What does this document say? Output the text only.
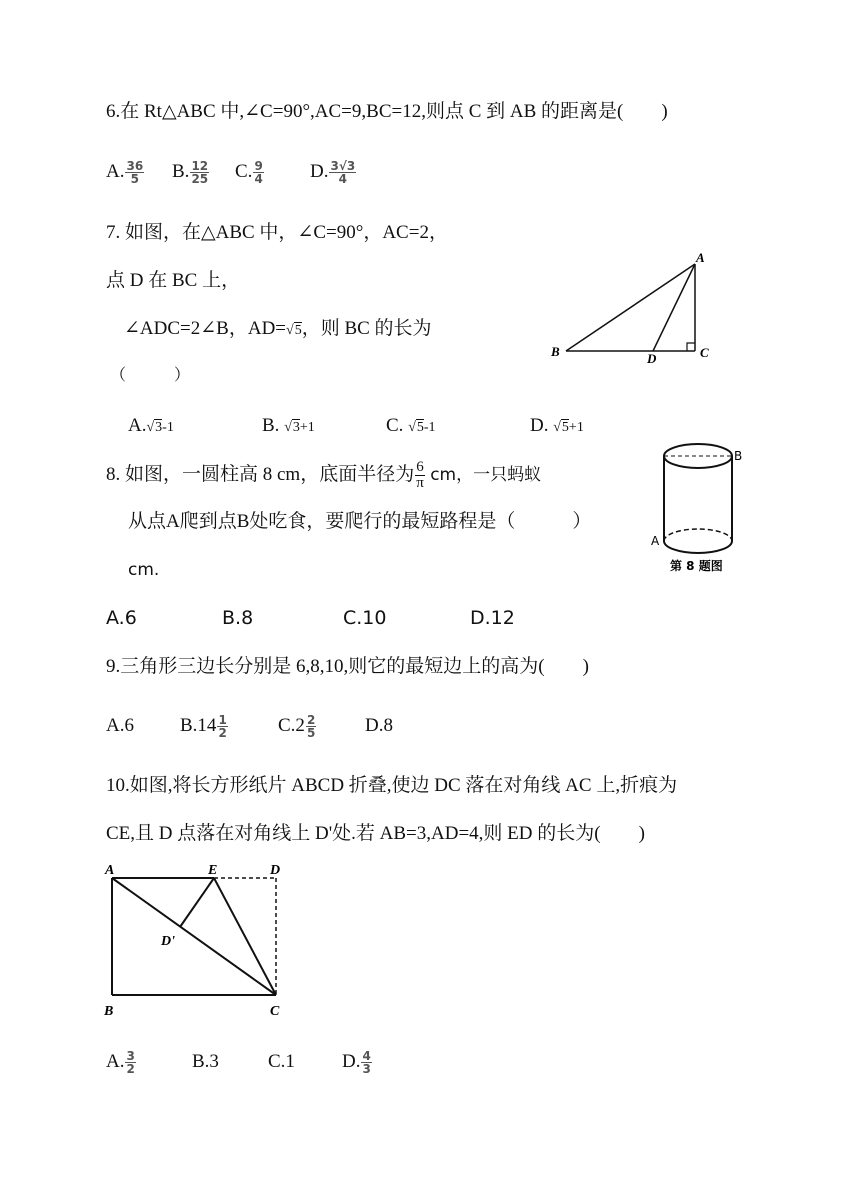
6.在 Rt△ABC 中,∠C=90°,AC=9,BC=12,则点 C 到 AB 的距离是(　　)
A. $\frac{36}{5} B$. $\frac{12}{25} C$. $\frac{9}{4} D$. $\frac{3√3}{4}$
7. 如图，在△ABC 中，∠C=90°，AC=2，
点 D 在 BC 上，
∠ADC=2∠B，AD=√5，则 BC 的长为
（　　　）
A
B	C
D
A.√3-1	B. √3+1	C. √5-1	D. √5+1
8. 如图，一圆柱高 8 cm，底面半径为 $\frac{6}{\pi}$ cm，一只蚂蚁
从点A爬到点B处吃食，要爬行的最短路程是（　　　）
cm.
B
A
第 8 题图
A.6	B.8	C.10	D.12
9.三角形三边长分别是 6,8,10,则它的最短边上的高为(　　)
A.6 $B.14 \frac{1}{2}$	$C.2 \frac{2}{5}$	D.8
10.如图,将长方形纸片 ABCD 折叠,使边 DC 落在对角线 AC 上,折痕为
CE,且 D 点落在对角线上 D'处.若 AB=3,AD=4,则 ED 的长为(　　)
A	E	D
D'
B	C
A. $\frac{3}{2}$	B.3	C.1 D. $\frac{4}{3}$
